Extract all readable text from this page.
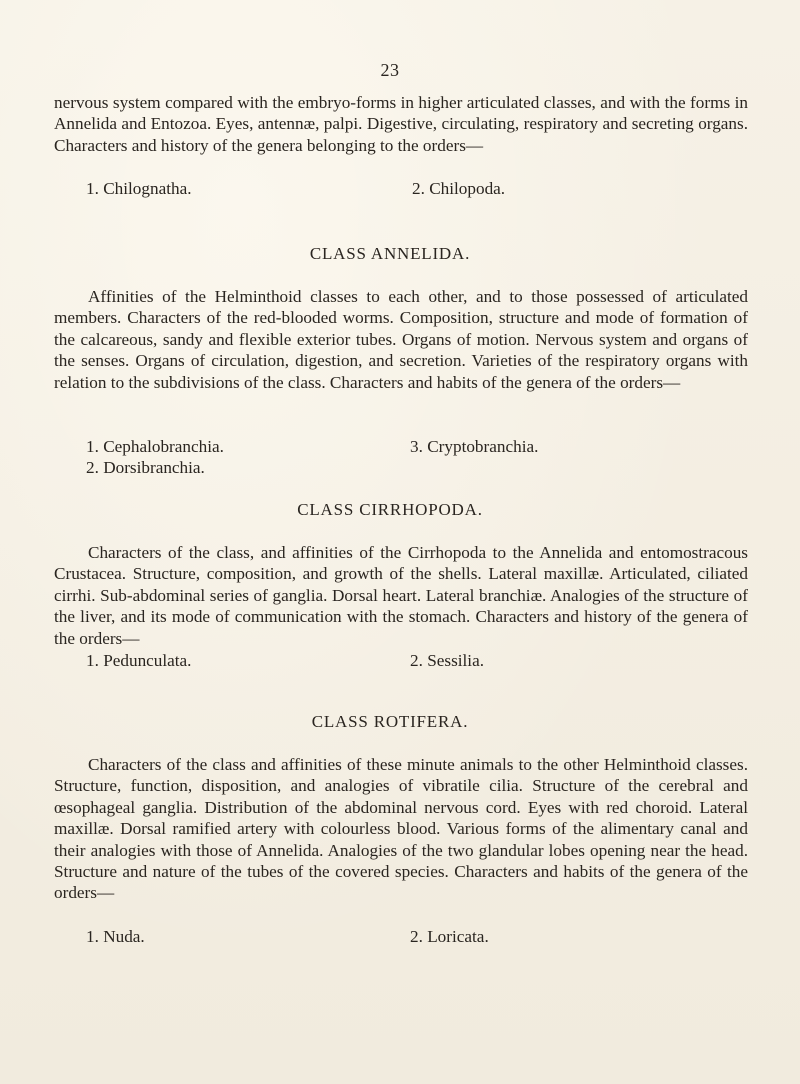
23

nervous system compared with the embryo-forms in higher articulated classes, and with the forms in Annelida and Entozoa. Eyes, antennæ, palpi. Digestive, circulating, respiratory and secreting organs. Characters and history of the genera belonging to the orders—

1. Chilognatha.	2. Chilopoda.
CLASS ANNELIDA.

Affinities of the Helminthoid classes to each other, and to those possessed of articulated members. Characters of the red-blooded worms. Composition, structure and mode of formation of the calcareous, sandy and flexible exterior tubes. Organs of motion. Nervous system and organs of the senses. Organs of circulation, digestion, and secretion. Varieties of the respiratory organs with relation to the subdivisions of the class. Characters and habits of the genera of the orders—

1. Cephalobranchia.	3. Cryptobranchia.
2. Dorsibranchia.
CLASS CIRRHOPODA.

Characters of the class, and affinities of the Cirrhopoda to the Annelida and entomostracous Crustacea. Structure, composition, and growth of the shells. Lateral maxillæ. Articulated, ciliated cirrhi. Sub-abdominal series of ganglia. Dorsal heart. Lateral branchiæ. Analogies of the structure of the liver, and its mode of communication with the stomach. Characters and history of the genera of the orders—

1. Pedunculata.	2. Sessilia.
CLASS ROTIFERA.

Characters of the class and affinities of these minute animals to the other Helminthoid classes. Structure, function, disposition, and analogies of vibratile cilia. Structure of the cerebral and œsophageal ganglia. Distribution of the abdominal nervous cord. Eyes with red choroid. Lateral maxillæ. Dorsal ramified artery with colourless blood. Various forms of the alimentary canal and their analogies with those of Annelida. Analogies of the two glandular lobes opening near the head. Structure and nature of the tubes of the covered species. Characters and habits of the genera of the orders—

1. Nuda.	2. Loricata.
